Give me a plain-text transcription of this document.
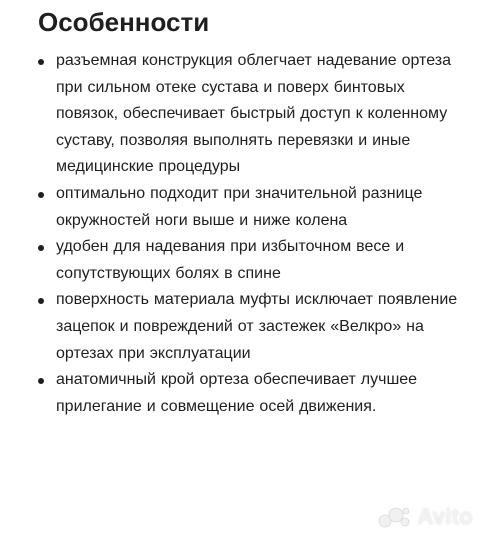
Особенности
разъемная конструкция облегчает надевание ортеза при сильном отеке сустава и поверх бинтовых повязок, обеспечивает быстрый доступ к коленному суставу, позволяя выполнять перевязки и иные медицинские процедуры
оптимально подходит при значительной разнице окружностей ноги выше и ниже колена
удобен для надевания при избыточном весе и сопутствующих болях в спине
поверхность материала муфты исключает появление зацепок и повреждений от застежек «Велкро» на ортезах при эксплуатации
анатомичный крой ортеза обеспечивает лучшее прилегание и совмещение осей движения.
Avito
